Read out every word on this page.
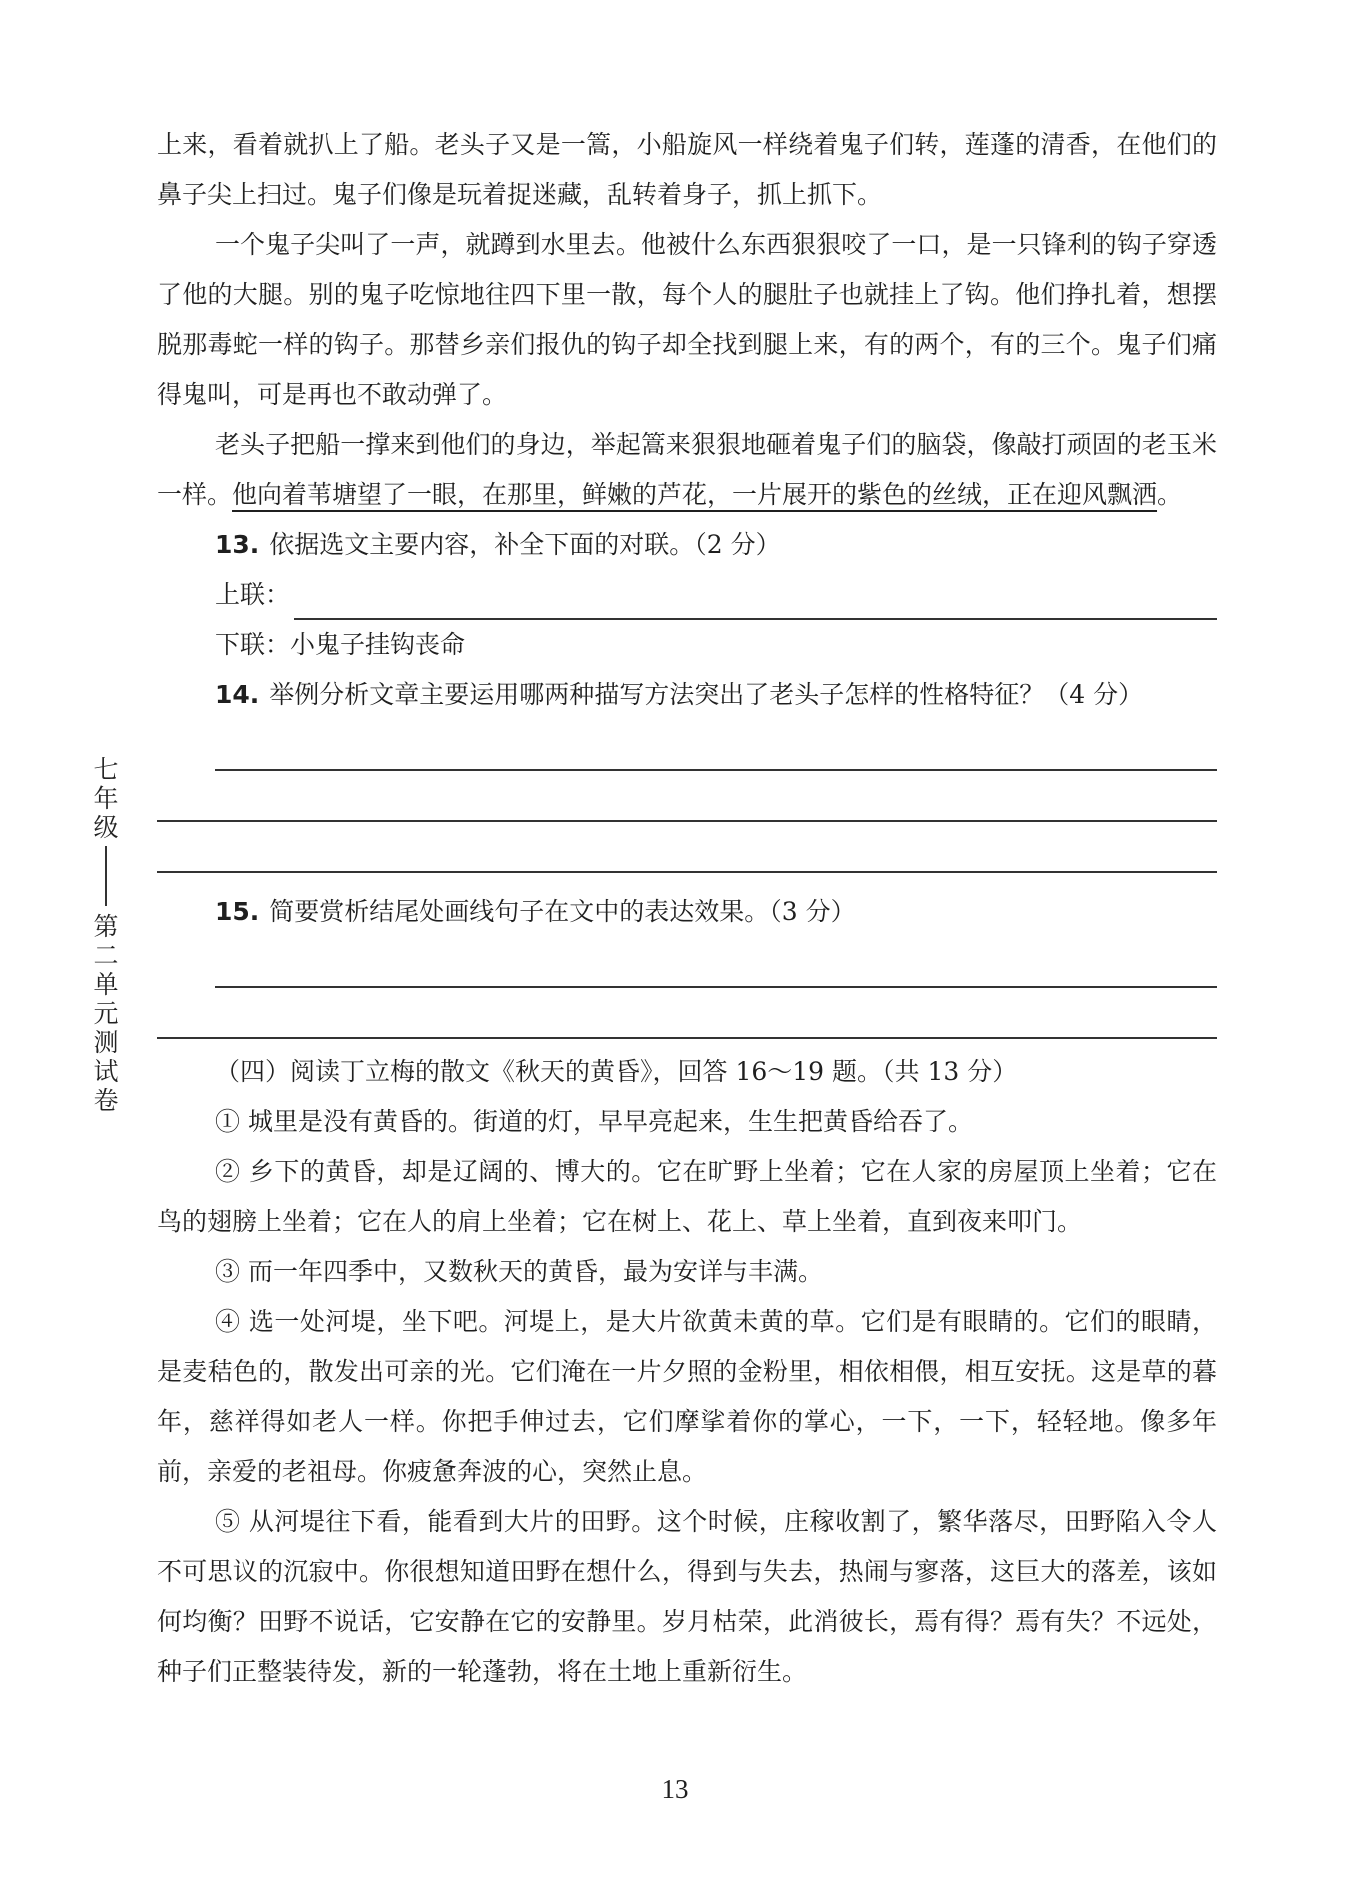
七
年
级
第
二
单
元
测
试
卷

上来，看着就扒上了船。老头子又是一篙，小船旋风一样绕着鬼子们转，莲蓬的清香，在他们的鼻子尖上扫过。鬼子们像是玩着捉迷藏，乱转着身子，抓上抓下。

一个鬼子尖叫了一声，就蹲到水里去。他被什么东西狠狠咬了一口，是一只锋利的钩子穿透了他的大腿。别的鬼子吃惊地往四下里一散，每个人的腿肚子也就挂上了钩。他们挣扎着，想摆脱那毒蛇一样的钩子。那替乡亲们报仇的钩子却全找到腿上来，有的两个，有的三个。鬼子们痛得鬼叫，可是再也不敢动弹了。

老头子把船一撑来到他们的身边，举起篙来狠狠地砸着鬼子们的脑袋，像敲打顽固的老玉米一样。他向着苇塘望了一眼，在那里，鲜嫩的芦花，一片展开的紫色的丝绒，正在迎风飘洒。

13. 依据选文主要内容，补全下面的对联。（2 分）

上联：

下联：小鬼子挂钩丧命

14. 举例分析文章主要运用哪两种描写方法突出了老头子怎样的性格特征？（4 分）

15. 简要赏析结尾处画线句子在文中的表达效果。（3 分）

（四）阅读丁立梅的散文《秋天的黄昏》，回答 16～19 题。（共 13 分）

① 城里是没有黄昏的。街道的灯，早早亮起来，生生把黄昏给吞了。

② 乡下的黄昏，却是辽阔的、博大的。它在旷野上坐着；它在人家的房屋顶上坐着；它在鸟的翅膀上坐着；它在人的肩上坐着；它在树上、花上、草上坐着，直到夜来叩门。

③ 而一年四季中，又数秋天的黄昏，最为安详与丰满。

④ 选一处河堤，坐下吧。河堤上，是大片欲黄未黄的草。它们是有眼睛的。它们的眼睛，是麦秸色的，散发出可亲的光。它们淹在一片夕照的金粉里，相依相偎，相互安抚。这是草的暮年，慈祥得如老人一样。你把手伸过去，它们摩挲着你的掌心，一下，一下，轻轻地。像多年前，亲爱的老祖母。你疲惫奔波的心，突然止息。

⑤ 从河堤往下看，能看到大片的田野。这个时候，庄稼收割了，繁华落尽，田野陷入令人不可思议的沉寂中。你很想知道田野在想什么，得到与失去，热闹与寥落，这巨大的落差，该如何均衡？田野不说话，它安静在它的安静里。岁月枯荣，此消彼长，焉有得？焉有失？不远处，种子们正整装待发，新的一轮蓬勃，将在土地上重新衍生。

13
